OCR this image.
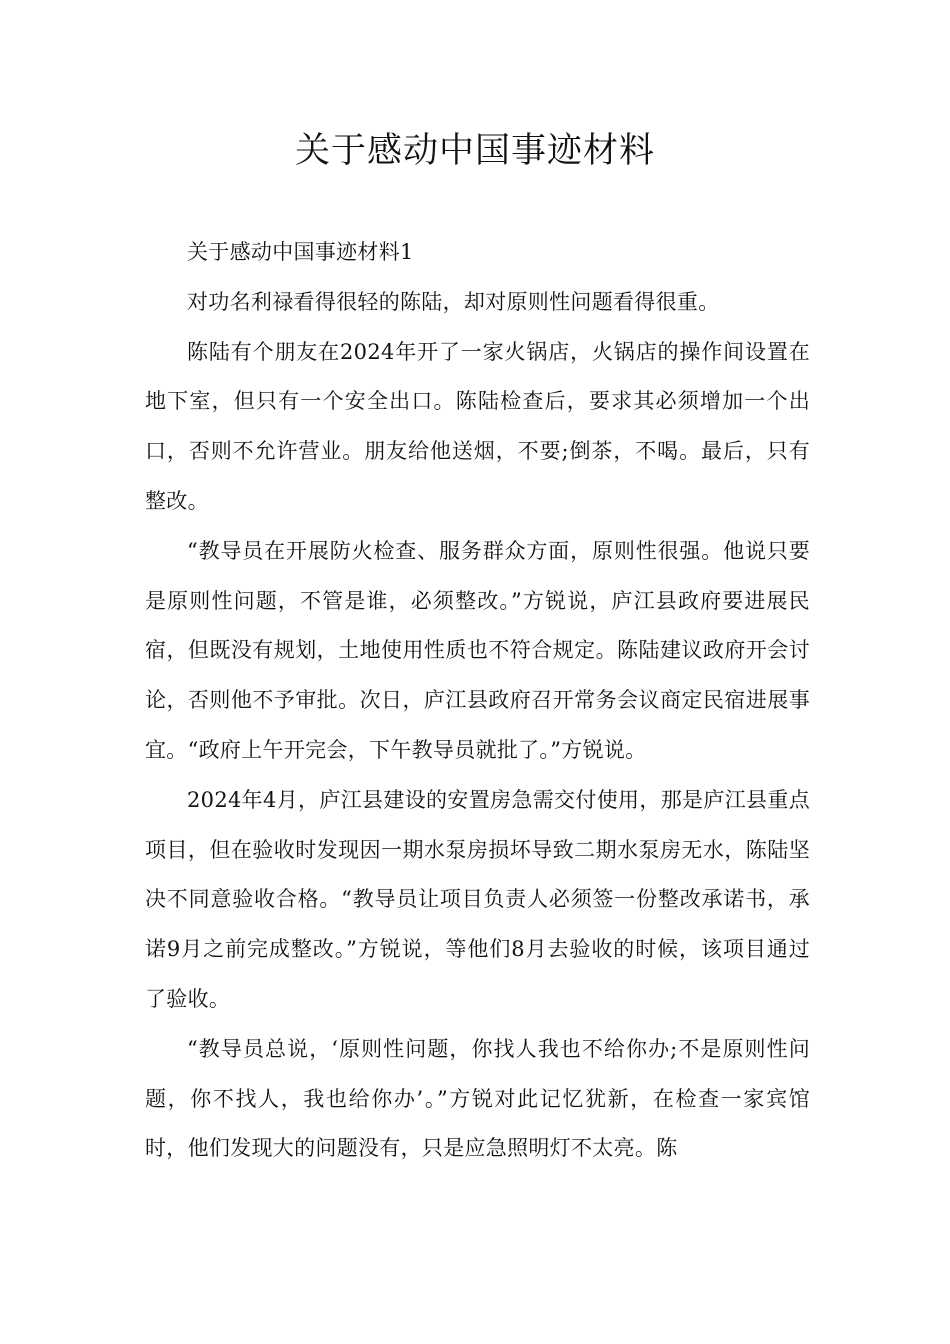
关于感动中国事迹材料

关于感动中国事迹材料1

对功名利禄看得很轻的陈陆，却对原则性问题看得很重。

陈陆有个朋友在2024年开了一家火锅店，火锅店的操作间设置在地下室，但只有一个安全出口。陈陆检查后，要求其必须增加一个出口，否则不允许营业。朋友给他送烟，不要;倒茶，不喝。最后，只有整改。

“教导员在开展防火检查、服务群众方面，原则性很强。他说只要是原则性问题，不管是谁，必须整改。”方锐说，庐江县政府要进展民宿，但既没有规划，土地使用性质也不符合规定。陈陆建议政府开会讨论，否则他不予审批。次日，庐江县政府召开常务会议商定民宿进展事宜。“政府上午开完会，下午教导员就批了。”方锐说。

2024年4月，庐江县建设的安置房急需交付使用，那是庐江县重点项目，但在验收时发现因一期水泵房损坏导致二期水泵房无水，陈陆坚决不同意验收合格。“教导员让项目负责人必须签一份整改承诺书，承诺9月之前完成整改。”方锐说，等他们8月去验收的时候，该项目通过了验收。

“教导员总说，‘原则性问题，你找人我也不给你办;不是原则性问题，你不找人，我也给你办’。”方锐对此记忆犹新，在检查一家宾馆时，他们发现大的问题没有，只是应急照明灯不太亮。陈
